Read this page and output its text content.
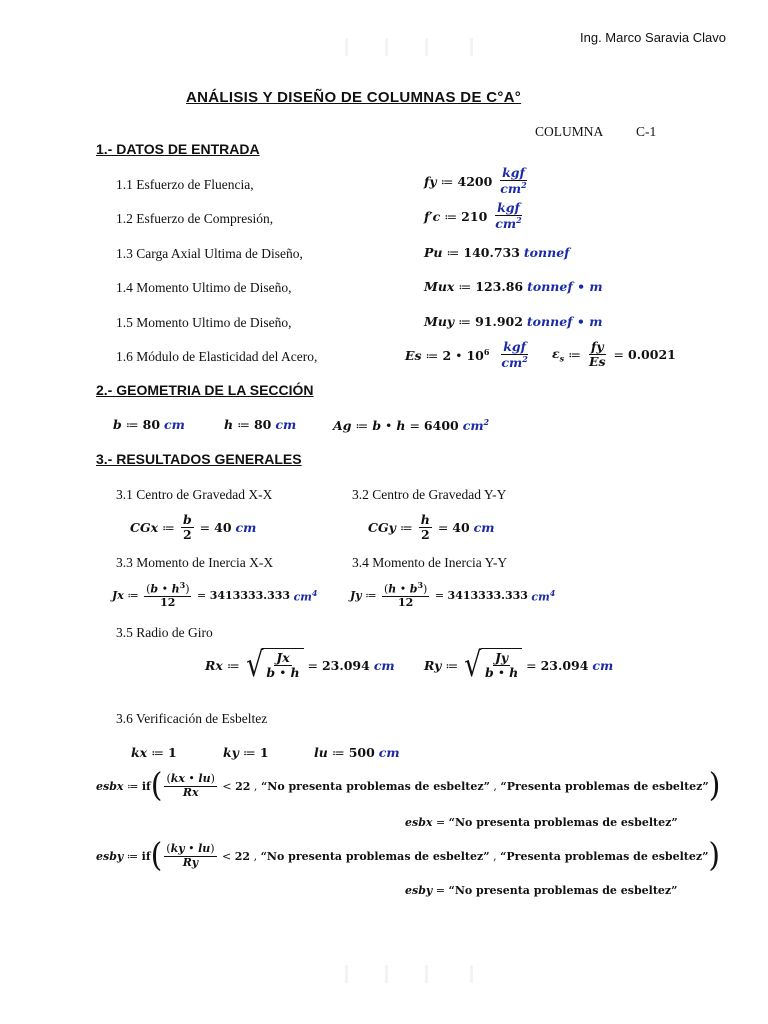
Ing. Marco Saravia Clavo
ANÁLISIS Y DISEÑO DE COLUMNAS DE C°A°
COLUMNA C-1
1.- DATOS DE ENTRADA
1.1 Esfuerzo de Fluencia,	fy ≔ 4200
$\frac{\text{kgf}}{cm^2}$
1.2 Esfuerzo de Compresión,	f′c ≔ 210
$\frac{\text{kgf}}{cm^2}$
1.3 Carga Axial Ultima de Diseño,	Pu ≔ 140.733
tonnef
1.4 Momento Ultimo de Diseño,	Mux ≔ 123.86
tonnef • m
1.5 Momento Ultimo de Diseño,	Muy ≔ 91.902
tonnef • m
1.6 Módulo de Elasticidad del Acero,	Es ≔ 2 • $10^6$
$\frac{\text{kgf}}{cm^2} \varepsilon_s$ ≔ $\frac{fy}{Es} = 0.0021$
2.- GEOMETRIA DE LA SECCIÓN
b ≔ 80
cm	h ≔ 80
cm	Ag ≔ b • h = 6400
$cm^2$
3.- RESULTADOS GENERALES
3.1 Centro de Gravedad X-X	3.2 Centro de Gravedad Y-Y
CGx ≔ $\frac{b}{2} = 40$
cm	CGy ≔ $\frac{h}{2} = 40$
cm
3.3 Momento de Inercia X-X	3.4 Momento de Inercia Y-Y
Jx ≔ $\frac{(b • h^3)}{12} = 3413333.333$
$cm^4$	Jy ≔ $\frac{(h • b^3)}{12} = 3413333.333$
$cm^4$
3.5 Radio de Giro
Rx ≔ √ $\frac{Jx}{b • h} = 23.094$
cm Ry ≔ √ $\frac{Jy}{b • h} = 23.094$
cm
3.6 Verificación de Esbeltez
kx ≔ 1	ky ≔ 1	lu ≔ 500
cm
esbx ≔ if ( $\frac{(kx • lu)}{Rx} < 22$ , “No presenta problemas de esbeltez” , “Presenta problemas de esbeltez” )
esbx = “No presenta problemas de esbeltez”
esby ≔ if ( $\frac{(ky • lu)}{Ry} < 22$ , “No presenta problemas de esbeltez” , “Presenta problemas de esbeltez” )
esby = “No presenta problemas de esbeltez”
